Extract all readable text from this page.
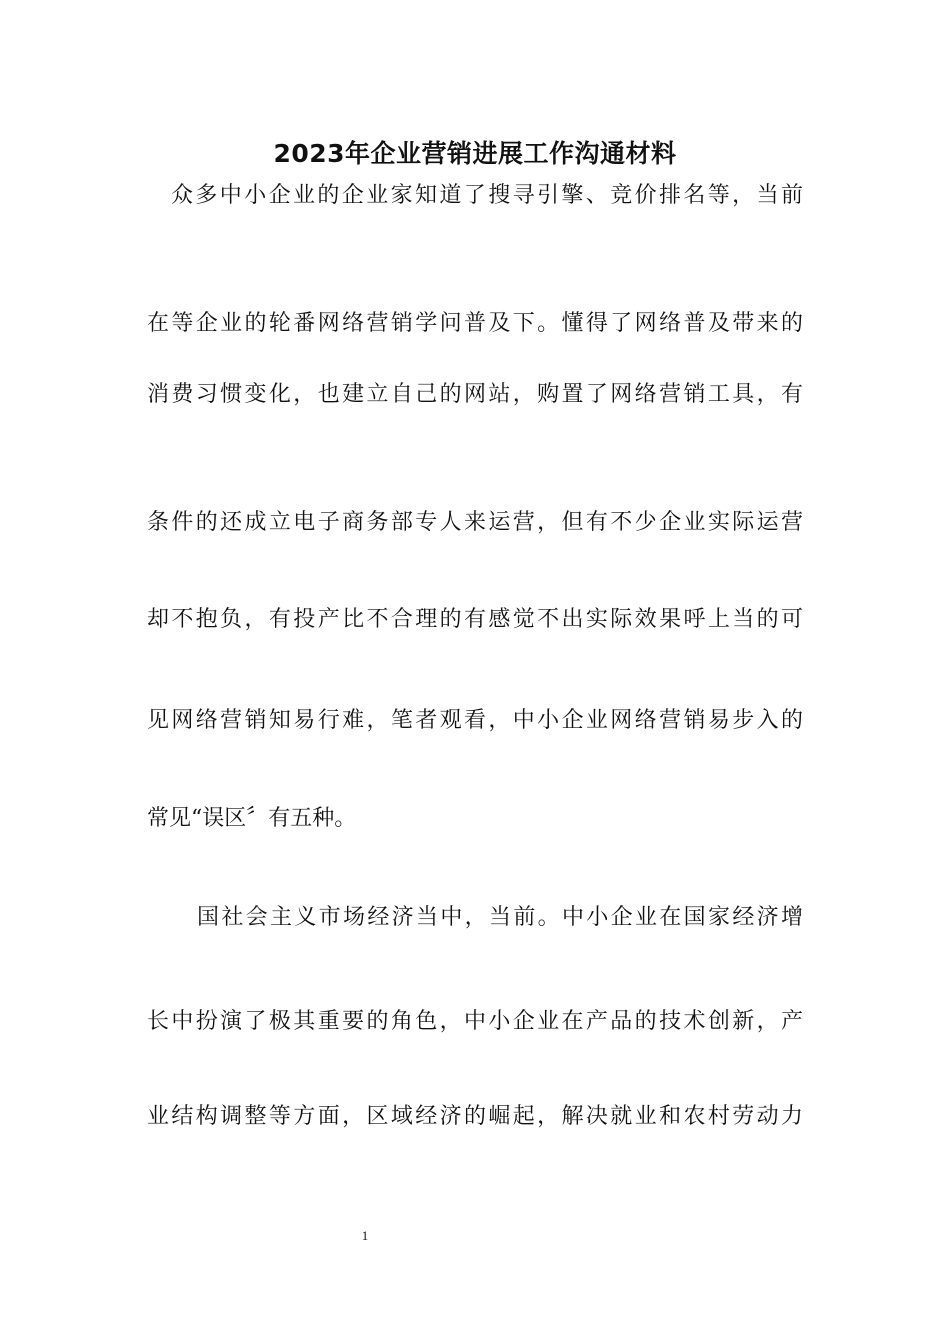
2023年企业营销进展工作沟通材料

众多中小企业的企业家知道了搜寻引擎、竞价排名等，当前

在等企业的轮番网络营销学问普及下。懂得了网络普及带来的

消费习惯变化，也建立自己的网站，购置了网络营销工具，有

条件的还成立电子商务部专人来运营，但有不少企业实际运营

却不抱负，有投产比不合理的有感觉不出实际效果呼上当的可

见网络营销知易行难，笔者观看，中小企业网络营销易步入的

常见“误区〞有五种。

国社会主义市场经济当中，当前。中小企业在国家经济增

长中扮演了极其重要的角色，中小企业在产品的技术创新，产

业结构调整等方面，区域经济的崛起，解决就业和农村劳动力

1
